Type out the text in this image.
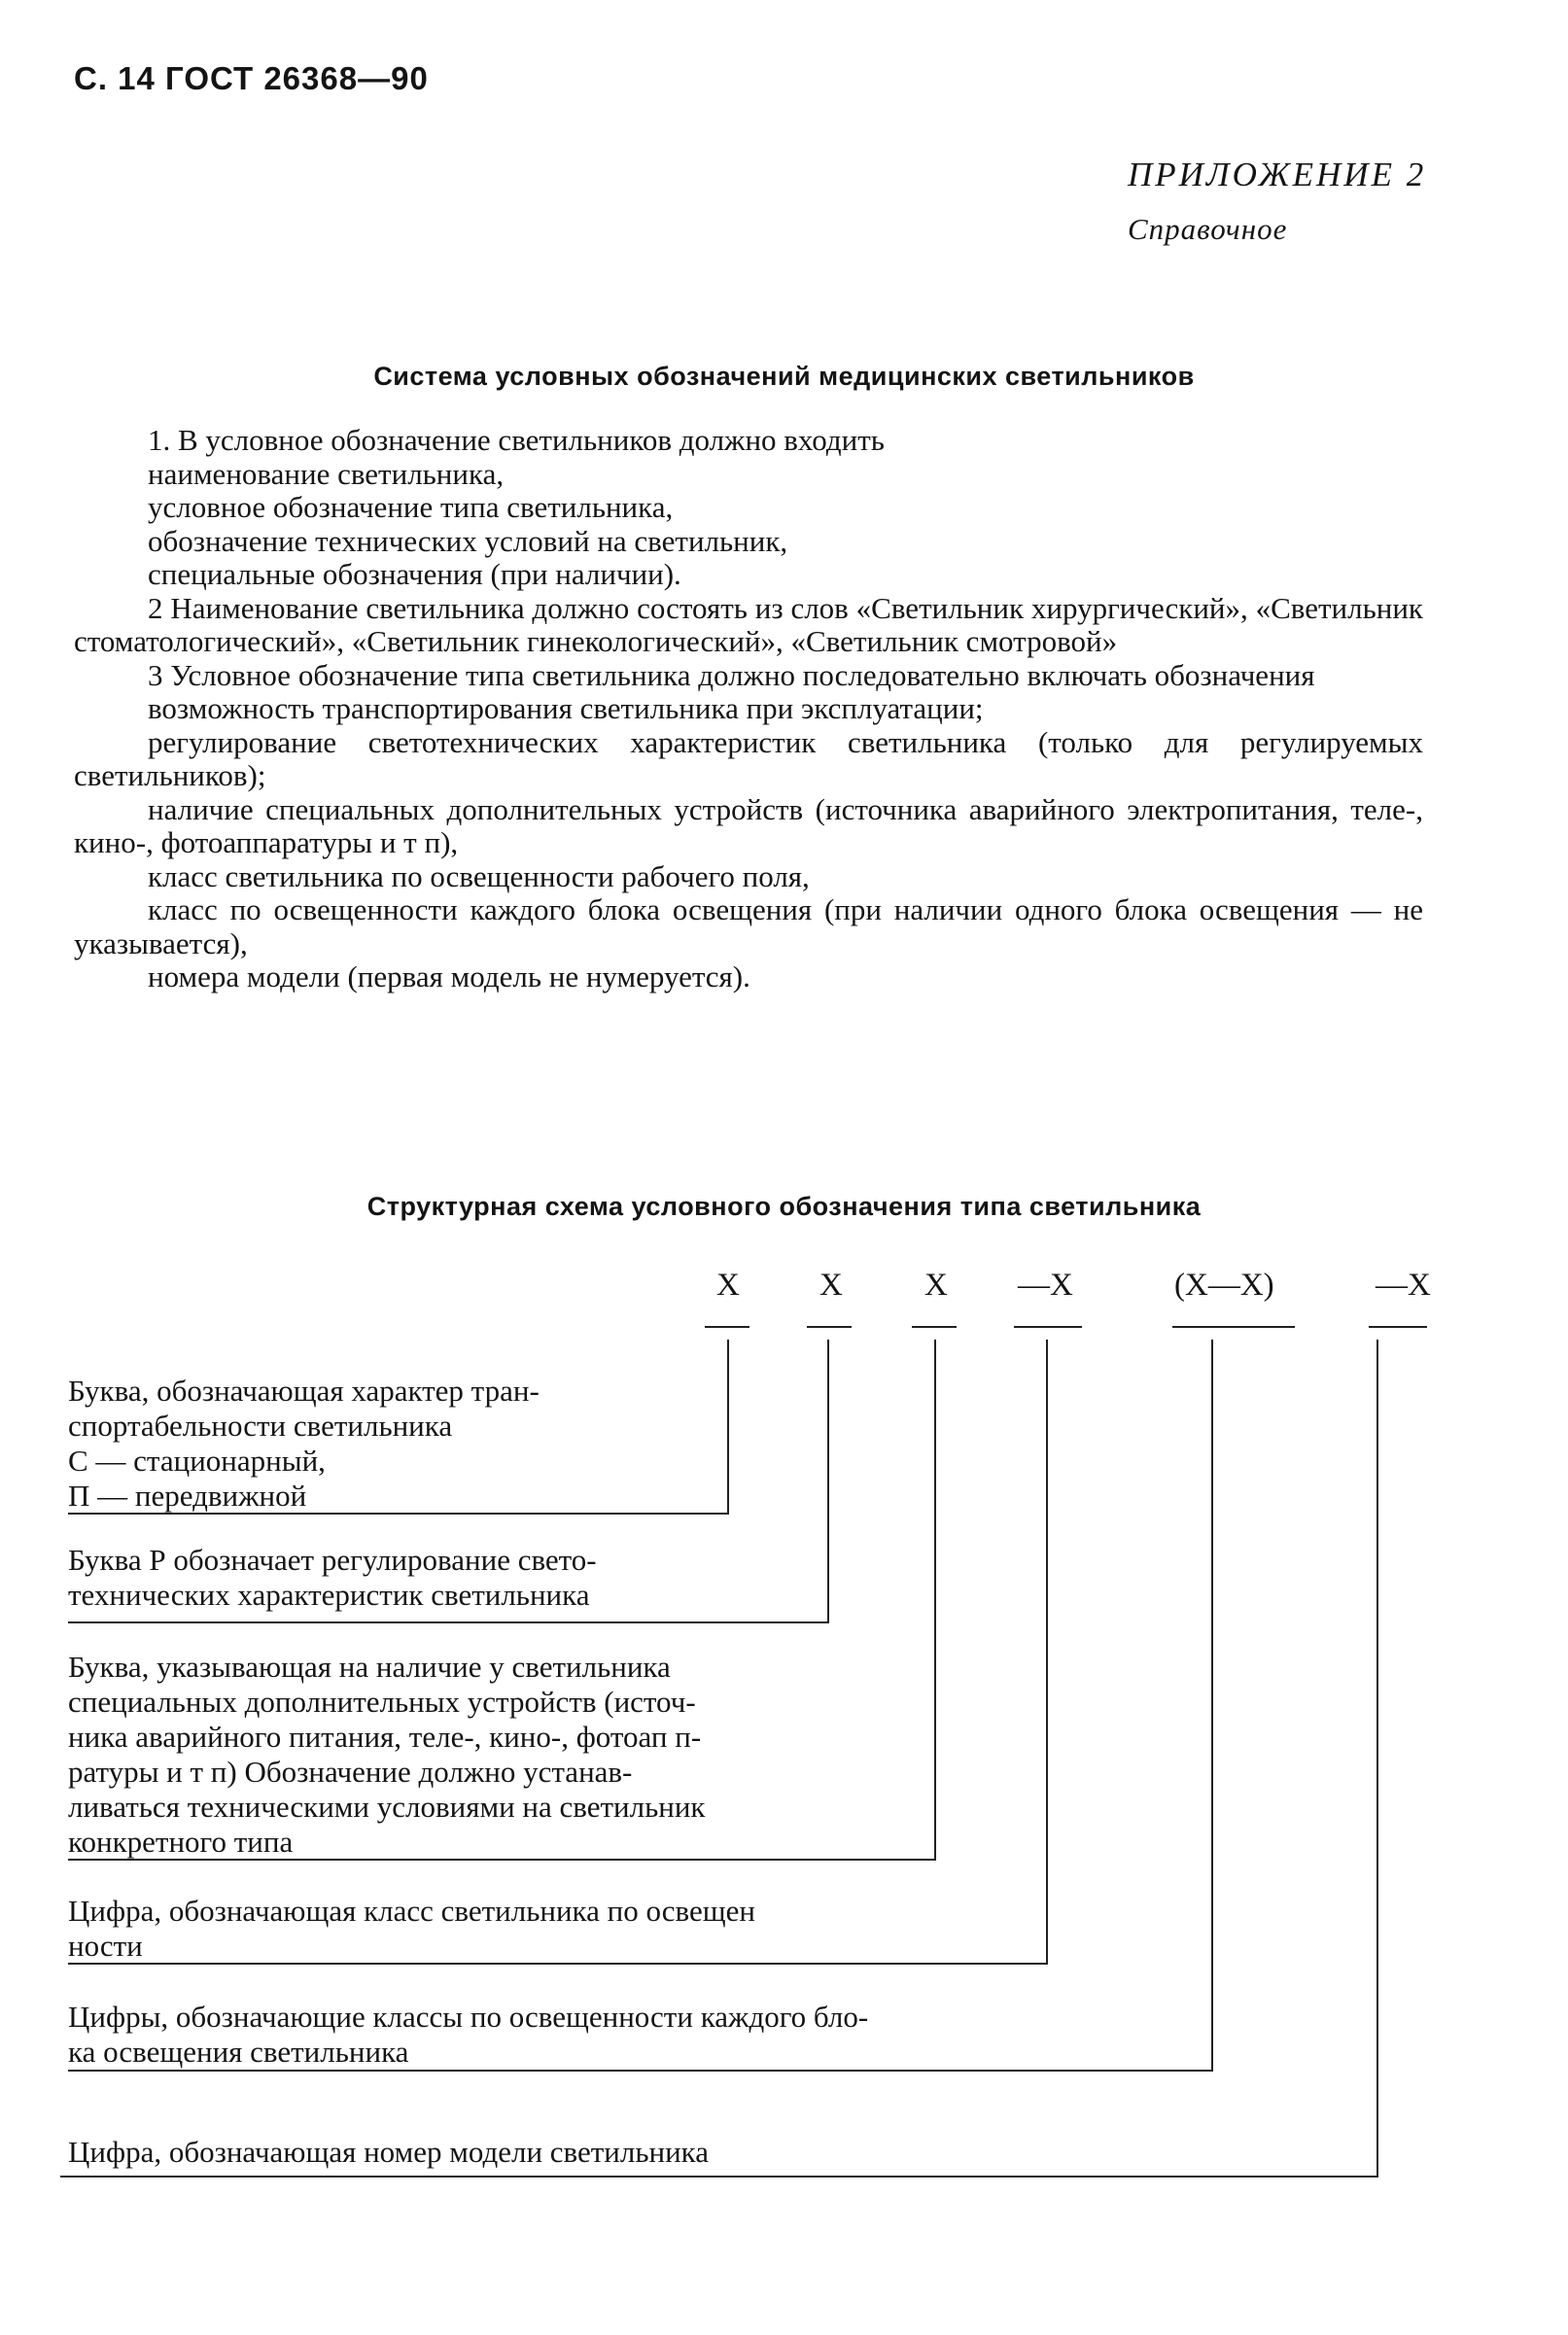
С. 14 ГОСТ 26368—90
ПРИЛОЖЕНИЕ 2
Справочное
Система условных обозначений медицинских светильников

1. В условное обозначение светильников должно входить

наименование светильника,

условное обозначение типа светильника,

обозначение технических условий на светильник,

специальные обозначения (при наличии).

2 Наименование светильника должно состоять из слов «Светильник хирургический», «Светильник стоматологический», «Светильник гинекологический», «Светильник смотровой»

3 Условное обозначение типа светильника должно последовательно включать обозначения

возможность транспортирования светильника при эксплуатации;

регулирование светотехнических характеристик светильника (только для регулируемых светильников);

наличие специальных дополнительных устройств (источника аварийного электропитания, теле-, кино-, фотоаппаратуры и т п),

класс светильника по освещенности рабочего поля,

класс по освещенности каждого блока освещения (при наличии одного блока освещения — не указывается),

номера модели (первая модель не нумеруется).

Структурная схема условного обозначения типа светильника
Х Х	Х —Х	(Х—Х)	—Х
Буква, обозначающая характер тран-
спортабельности светильника
С — стационарный,
П — передвижной
Буква Р обозначает регулирование свето-
технических характеристик светильника
Буква, указывающая на наличие у светильника
специальных дополнительных устройств (источ-
ника аварийного питания, теле-, кино-, фотоап п-
ратуры и т п) Обозначение должно устанав-
ливаться техническими условиями на светильник
конкретного типа
Цифра, обозначающая класс светильника по освещен
ности
Цифры, обозначающие классы по освещенности каждого бло-
ка освещения светильника
Цифра, обозначающая номер модели светильника
